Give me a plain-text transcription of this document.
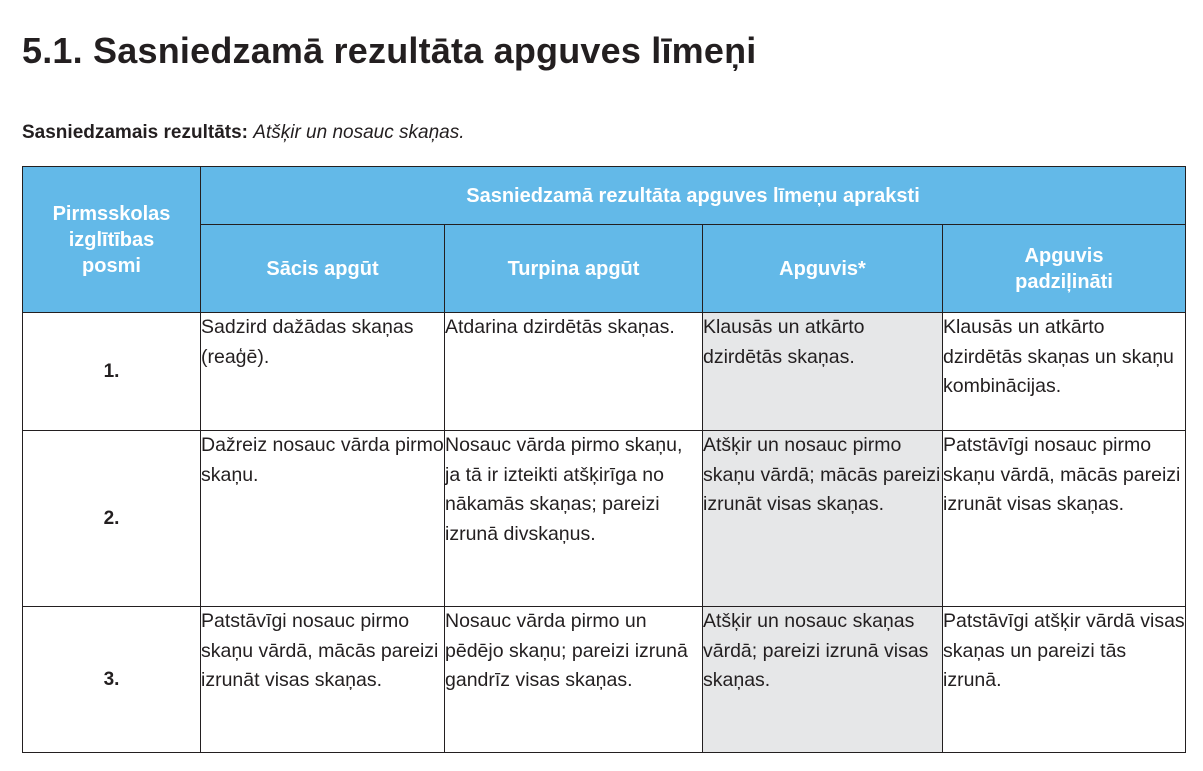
5.1. Sasniedzamā rezultāta apguves līmeņi
Sasniedzamais rezultāts: Atšķir un nosauc skaņas.
Pirmsskolas izglītības posmi	Sasniedzamā rezultāta apguves līmeņu apraksti			
	Sācis apgūt	Turpina apgūt	Apguvis*	Apguvis padziļināti
1.	Sadzird dažādas skaņas (reaģē).	Atdarina dzirdētās skaņas.	Klausās un atkārto dzirdētās skaņas.	Klausās un atkārto dzirdētās skaņas un skaņu kombinācijas.
2.	Dažreiz nosauc vārda pirmo skaņu.	Nosauc vārda pirmo skaņu, ja tā ir izteikti atšķirīga no nākamās skaņas; pareizi izrunā divskaņus.	Atšķir un nosauc pirmo skaņu vārdā; mācās pareizi izrunāt visas skaņas.	Patstāvīgi nosauc pirmo skaņu vārdā, mācās pareizi izrunāt visas skaņas.
3.	Patstāvīgi nosauc pirmo skaņu vārdā, mācās pareizi izrunāt visas skaņas.	Nosauc vārda pirmo un pēdējo skaņu; pareizi izrunā gandrīz visas skaņas.	Atšķir un nosauc skaņas vārdā; pareizi izrunā visas skaņas.	Patstāvīgi atšķir vārdā visas skaņas un pareizi tās izrunā.
